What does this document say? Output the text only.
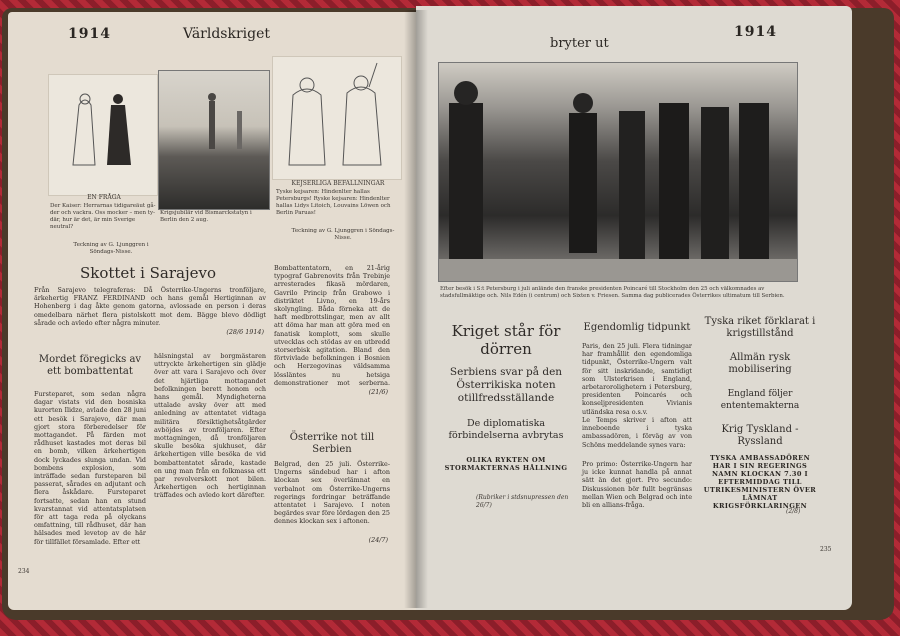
1914	Världskriget
EN FRÅGA
Der Kaiser: Herrarnas tidigareäut gå-der och vackra. Oss mocker – men ty-där, hur är det, är min Sverige neutral?
Teckning av G. Ljunggren i Söndags-Nisse.
Krigsjubilär vid Bismarckstatyn i Berlin den 2 aug.
KEJSERLIGA BEFALLNINGAR
Tyske kejsaren: Hindenlter hallas Petersburgs! Ryske kejsaren: Hindenlter hallas Lidys Litoich, Louvains Löwen och Berlin Paruas!
Teckning av G. Ljunggren i Söndags-Nisse.
Skottet i Sarajevo
Från Sarajevo telegraferas: Då Österrike-Ungerns tronföljare, ärkehertig FRANZ FERDINAND och hans gemål Hertiginnan av Hohenberg i dag åkte genom gatorna, avlossade en person i deras omedelbara närhet flera pistolskott mot dem. Bägge blevo dödligt sårade och avledo efter några minuter.
(28/6 1914)
Mordet föregicks av ett bombattentat
Fursteparet, som sedan några dagar vistats vid den bosniska kurorten Ilidze, avlade den 28 juni ett besök i Sarajevo, där man gjort stora förberedelser för mottagandet. På färden mot rådhuset kastades mot deras bil en bomb, vilken ärkehertigen dock lyckades slunga undan. Vid bombens explosion, som inträffade sedan fursteparen bil passerat, sårades en adjutant och flera åskådare. Fursteparet fortsatte, sedan han en stund kvarstannat vid attentatsplatsen för att taga reda på olyckans omfattning, till rådhuset, där han hälsades med levetop av de här för tillfället församlade. Efter ett
hälsningstal av borgmästaren uttryckte ärkehertigen sin glädje över att vara i Sarajevo och över det hjärtliga mottagandet befolkningen berett honom och hans gemål. Myndigheterna uttalade avsky över att med anledning av attentatet vidtaga militära försiktighetsåtgärder avböjdes av tronföljaren. Efter mottagningen, då tronföljaren skulle besöka sjukhuset, där ärkehertigen ville besöka de vid bombattentatet sårade, kastade en ung man från en folkmassa ett par revolverskott mot bilen. Ärkehertigen och hertiginnan träffades och avledo kort därefter.
Bombattentatorn, en 21-årig typograf Gabrenovits från Trebinje arresterades fikasä mördaren, Gavrilo Princip från Grabowo i distriktet Livno, en 19-års skolyngling. Båda förneka att de haft medbrottslingar, men av allt att döma har man att göra med en fanatisk komplott, som skulle utvecklas och stödas av en utbredd storserbisk agitation. Bland den förtvivlade befolkningen i Bosnien och Herzegovinas väldsamma lössläntes nu hetsiga demonstrationer mot serberna.
(21/6)
Österrike not till Serbien
Belgrad, den 25 juli. Österrike-Ungerns sändebud har i afton klockan sex överlämnat en verbalnot om Österrike-Ungerns regerings fordringar beträffande attentatet i Sarajevo. I noten begärdes svar före lördagen den 25 dennes klockan sex i aftonen.
(24/7)
234
bryter ut
1914
Efter besök i S:t Petersburg i juli anlände den franske presidenten Poincaré till Stockholm den 25 och välkomnades av stadsfullmäktige och. Nils Edén (i centrum) och Sixten v. Friesen. Samma dag publicerades Österrikes ultimatum till Serbien.
Kriget står för dörren
Serbiens svar på den Österrikiska noten otillfredsställande
De diplomatiska förbindelserna avbrytas
OLIKA RYKTEN OM STORMAKTERNAS HÅLLNING
(Rubriker i stdsnupressen den 26/7)
Egendomlig tidpunkt
Paris, den 25 juli. Flera tidningar har framhållit den egendomliga tidpunkt, Österrike-Ungern valt för sitt inskridande, samtidigt som Ulsterkrisen i England, arbetarorolighetern i Petersburg, presidenten Poincarés och konseljpresidenten Vivianis utländska resa o.s.v.
Le Temps skriver i afton att inneboende i tyska ambassadören, i förväg av von Schöns meddelande synes vara:
Pro primo: Österrike-Ungern har ju icke kunnat handla på annat sätt än det gjort. Pro secundo: Diskussionen bör fullt begränsas mellan Wien och Belgrad och inte bli en allians-fråga.
Tyska riket förklarat i krigstillstånd
Allmän rysk mobilisering
England följer ententemakterna
Krig Tyskland - Ryssland
TYSKA AMBASSADÖREN HAR I SIN REGERINGS NAMN KLOCKAN 7.30 I EFTERMIDDAG TILL UTRIKESMINISTERN ÖVER LÄMNAT KRIGSFÖRKLARINGEN
(2/8)
235
